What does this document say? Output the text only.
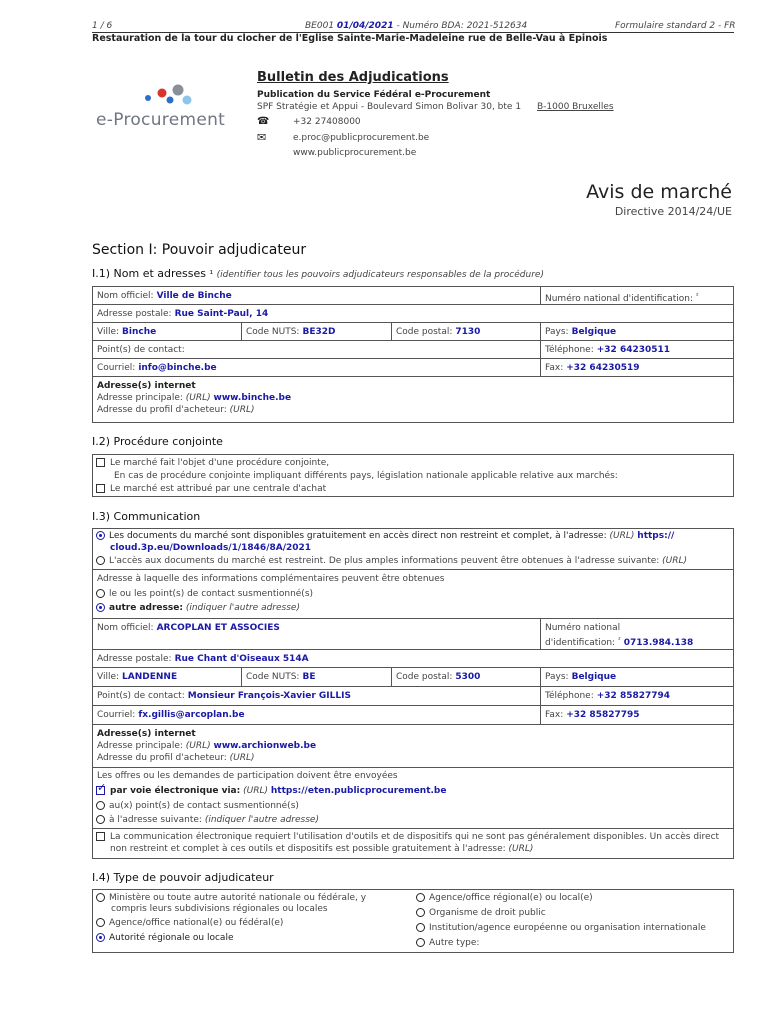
1 / 6	BE001 01/04/2021 - Numéro BDA: 2021-512634	Formulaire standard 2 - FR
Restauration de la tour du clocher de l'Eglise Sainte-Marie-Madeleine rue de Belle-Vau à Epinois
e-Procurement
Bulletin des Adjudications
Publication du Service Fédéral e-Procurement
SPF Stratégie et Appui - Boulevard Simon Bolivar 30, bte 1 B-1000 Bruxelles
☎	+32 27408000
✉	e.proc@publicprocurement.be
www.publicprocurement.be
Avis de marché
Directive 2014/24/UE
Section I: Pouvoir adjudicateur
I.1) Nom et adresses ¹ (identifier tous les pouvoirs adjudicateurs responsables de la procédure)
Nom officiel: Ville de Binche	Numéro national d'identification: $^{^2}$
Adresse postale: Rue Saint-Paul, 14
Ville: Binche	Code NUTS: BE32D	Code postal: 7130	Pays: Belgique
Point(s) de contact:	Téléphone: +32 64230511
Courriel: info@binche.be	Fax: +32 64230519
Adresse(s) internet
Adresse principale: (URL) www.binche.be
Adresse du profil d'acheteur: (URL)
I.2) Procédure conjointe
Le marché fait l'objet d'une procédure conjointe,
En cas de procédure conjointe impliquant différents pays, législation nationale applicable relative aux marchés:
Le marché est attribué par une centrale d'achat
I.3) Communication
Les documents du marché sont disponibles gratuitement en accès direct non restreint et complet, à l'adresse: (URL) https://
cloud.3p.eu/Downloads/1/1846/8A/2021
L'accès aux documents du marché est restreint. De plus amples informations peuvent être obtenues à l'adresse suivante: (URL)
Adresse à laquelle des informations complémentaires peuvent être obtenues
le ou les point(s) de contact susmentionné(s)
autre adresse: (indiquer l'autre adresse)
Nom officiel: ARCOPLAN ET ASSOCIES	Numéro national
d'identification: $^{^2}$ 0713.984.138
Adresse postale: Rue Chant d'Oiseaux 514A
Ville: LANDENNE	Code NUTS: BE	Code postal: 5300	Pays: Belgique
Point(s) de contact: Monsieur François-Xavier GILLIS	Téléphone: +32 85827794
Courriel: fx.gillis@arcoplan.be	Fax: +32 85827795
Adresse(s) internet
Adresse principale: (URL) www.archionweb.be
Adresse du profil d'acheteur: (URL)
Les offres ou les demandes de participation doivent être envoyées
✓par voie électronique via: (URL) https://eten.publicprocurement.be
au(x) point(s) de contact susmentionné(s)
à l'adresse suivante: (indiquer l'autre adresse)
La communication électronique requiert l'utilisation d'outils et de dispositifs qui ne sont pas généralement disponibles. Un accès direct
non restreint et complet à ces outils et dispositifs est possible gratuitement à l'adresse: (URL)
I.4) Type de pouvoir adjudicateur
Ministère ou toute autre autorité nationale ou fédérale, y
compris leurs subdivisions régionales ou locales
Agence/office national(e) ou fédéral(e)
Autorité régionale ou locale
Agence/office régional(e) ou local(e)
Organisme de droit public
Institution/agence européenne ou organisation internationale
Autre type:
